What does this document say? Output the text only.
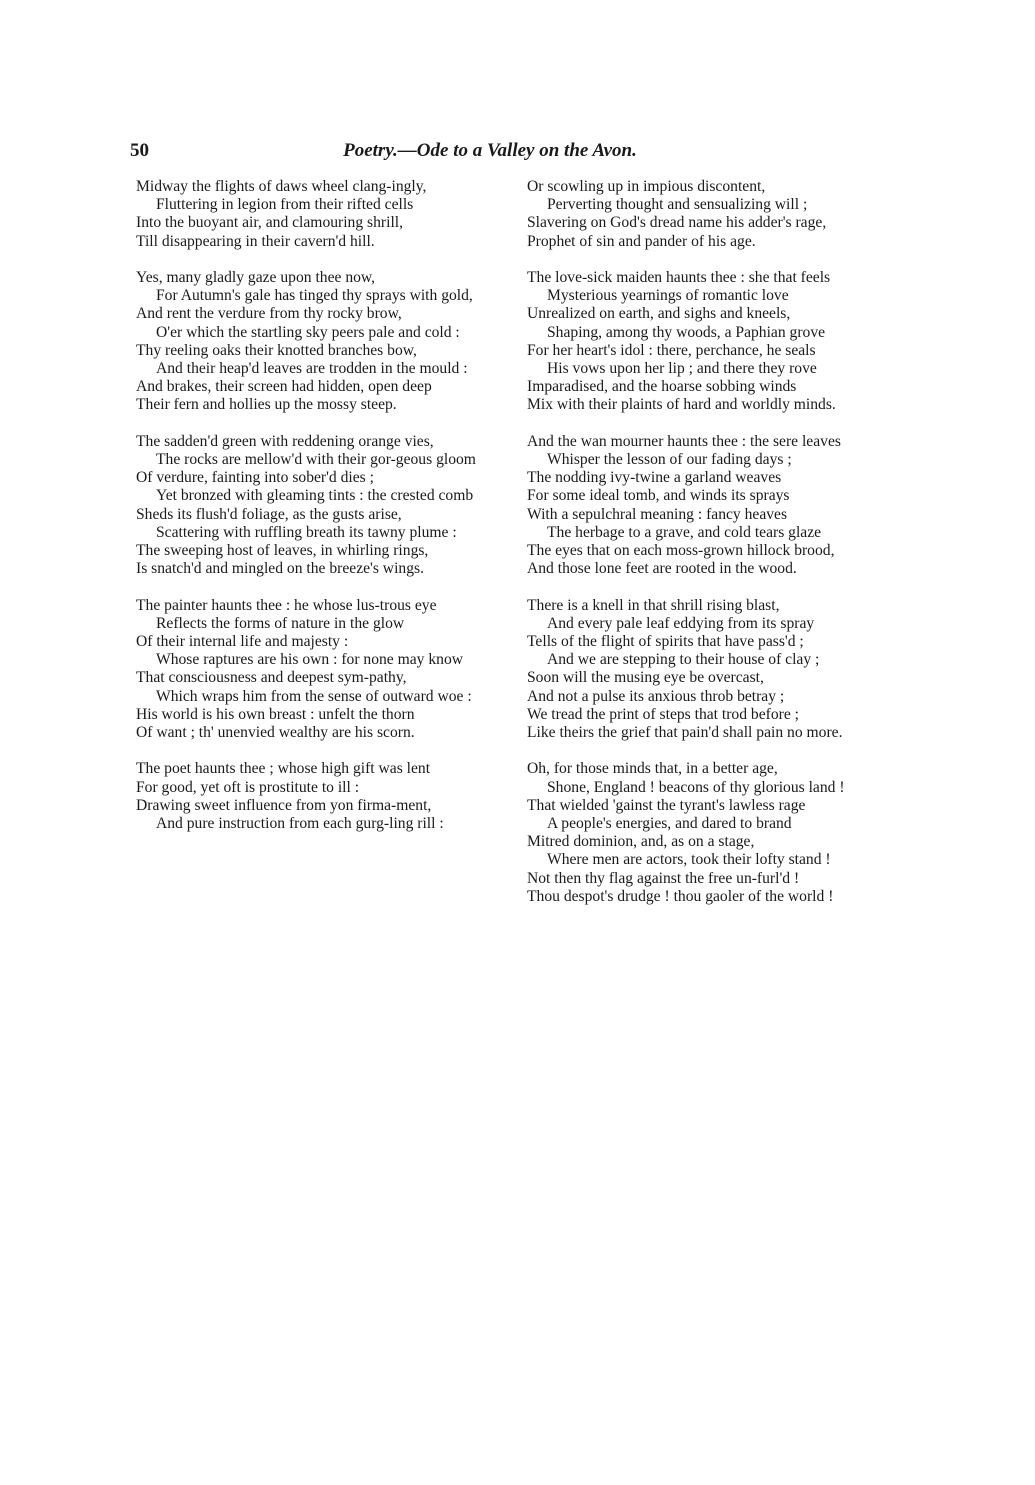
50	Poetry.—Ode to a Valley on the Avon.
Midway the flights of daws wheel clang-ingly,
Fluttering in legion from their rifted cells
Into the buoyant air, and clamouring shrill,
Till disappearing in their cavern'd hill.
Yes, many gladly gaze upon thee now,
For Autumn's gale has tinged thy sprays with gold,
And rent the verdure from thy rocky brow,
O'er which the startling sky peers pale and cold :
Thy reeling oaks their knotted branches bow,
And their heap'd leaves are trodden in the mould :
And brakes, their screen had hidden, open deep
Their fern and hollies up the mossy steep.
The sadden'd green with reddening orange vies,
The rocks are mellow'd with their gor-geous gloom
Of verdure, fainting into sober'd dies ;
Yet bronzed with gleaming tints : the crested comb
Sheds its flush'd foliage, as the gusts arise,
Scattering with ruffling breath its tawny plume :
The sweeping host of leaves, in whirling rings,
Is snatch'd and mingled on the breeze's wings.
The painter haunts thee : he whose lus-trous eye
Reflects the forms of nature in the glow
Of their internal life and majesty :
Whose raptures are his own : for none may know
That consciousness and deepest sym-pathy,
Which wraps him from the sense of outward woe :
His world is his own breast : unfelt the thorn
Of want ; th' unenvied wealthy are his scorn.
The poet haunts thee ; whose high gift was lent
For good, yet oft is prostitute to ill :
Drawing sweet influence from yon firma-ment,
And pure instruction from each gurg-ling rill :
Or scowling up in impious discontent,
Perverting thought and sensualizing will ;
Slavering on God's dread name his adder's rage,
Prophet of sin and pander of his age.
The love-sick maiden haunts thee : she that feels
Mysterious yearnings of romantic love
Unrealized on earth, and sighs and kneels,
Shaping, among thy woods, a Paphian grove
For her heart's idol : there, perchance, he seals
His vows upon her lip ; and there they rove
Imparadised, and the hoarse sobbing winds
Mix with their plaints of hard and worldly minds.
And the wan mourner haunts thee : the sere leaves
Whisper the lesson of our fading days ;
The nodding ivy-twine a garland weaves
For some ideal tomb, and winds its sprays
With a sepulchral meaning : fancy heaves
The herbage to a grave, and cold tears glaze
The eyes that on each moss-grown hillock brood,
And those lone feet are rooted in the wood.
There is a knell in that shrill rising blast,
And every pale leaf eddying from its spray
Tells of the flight of spirits that have pass'd ;
And we are stepping to their house of clay ;
Soon will the musing eye be overcast,
And not a pulse its anxious throb betray ;
We tread the print of steps that trod before ;
Like theirs the grief that pain'd shall pain no more.
Oh, for those minds that, in a better age,
Shone, England ! beacons of thy glorious land !
That wielded 'gainst the tyrant's lawless rage
A people's energies, and dared to brand
Mitred dominion, and, as on a stage,
Where men are actors, took their lofty stand !
Not then thy flag against the free un-furl'd !
Thou despot's drudge ! thou gaoler of the world !
